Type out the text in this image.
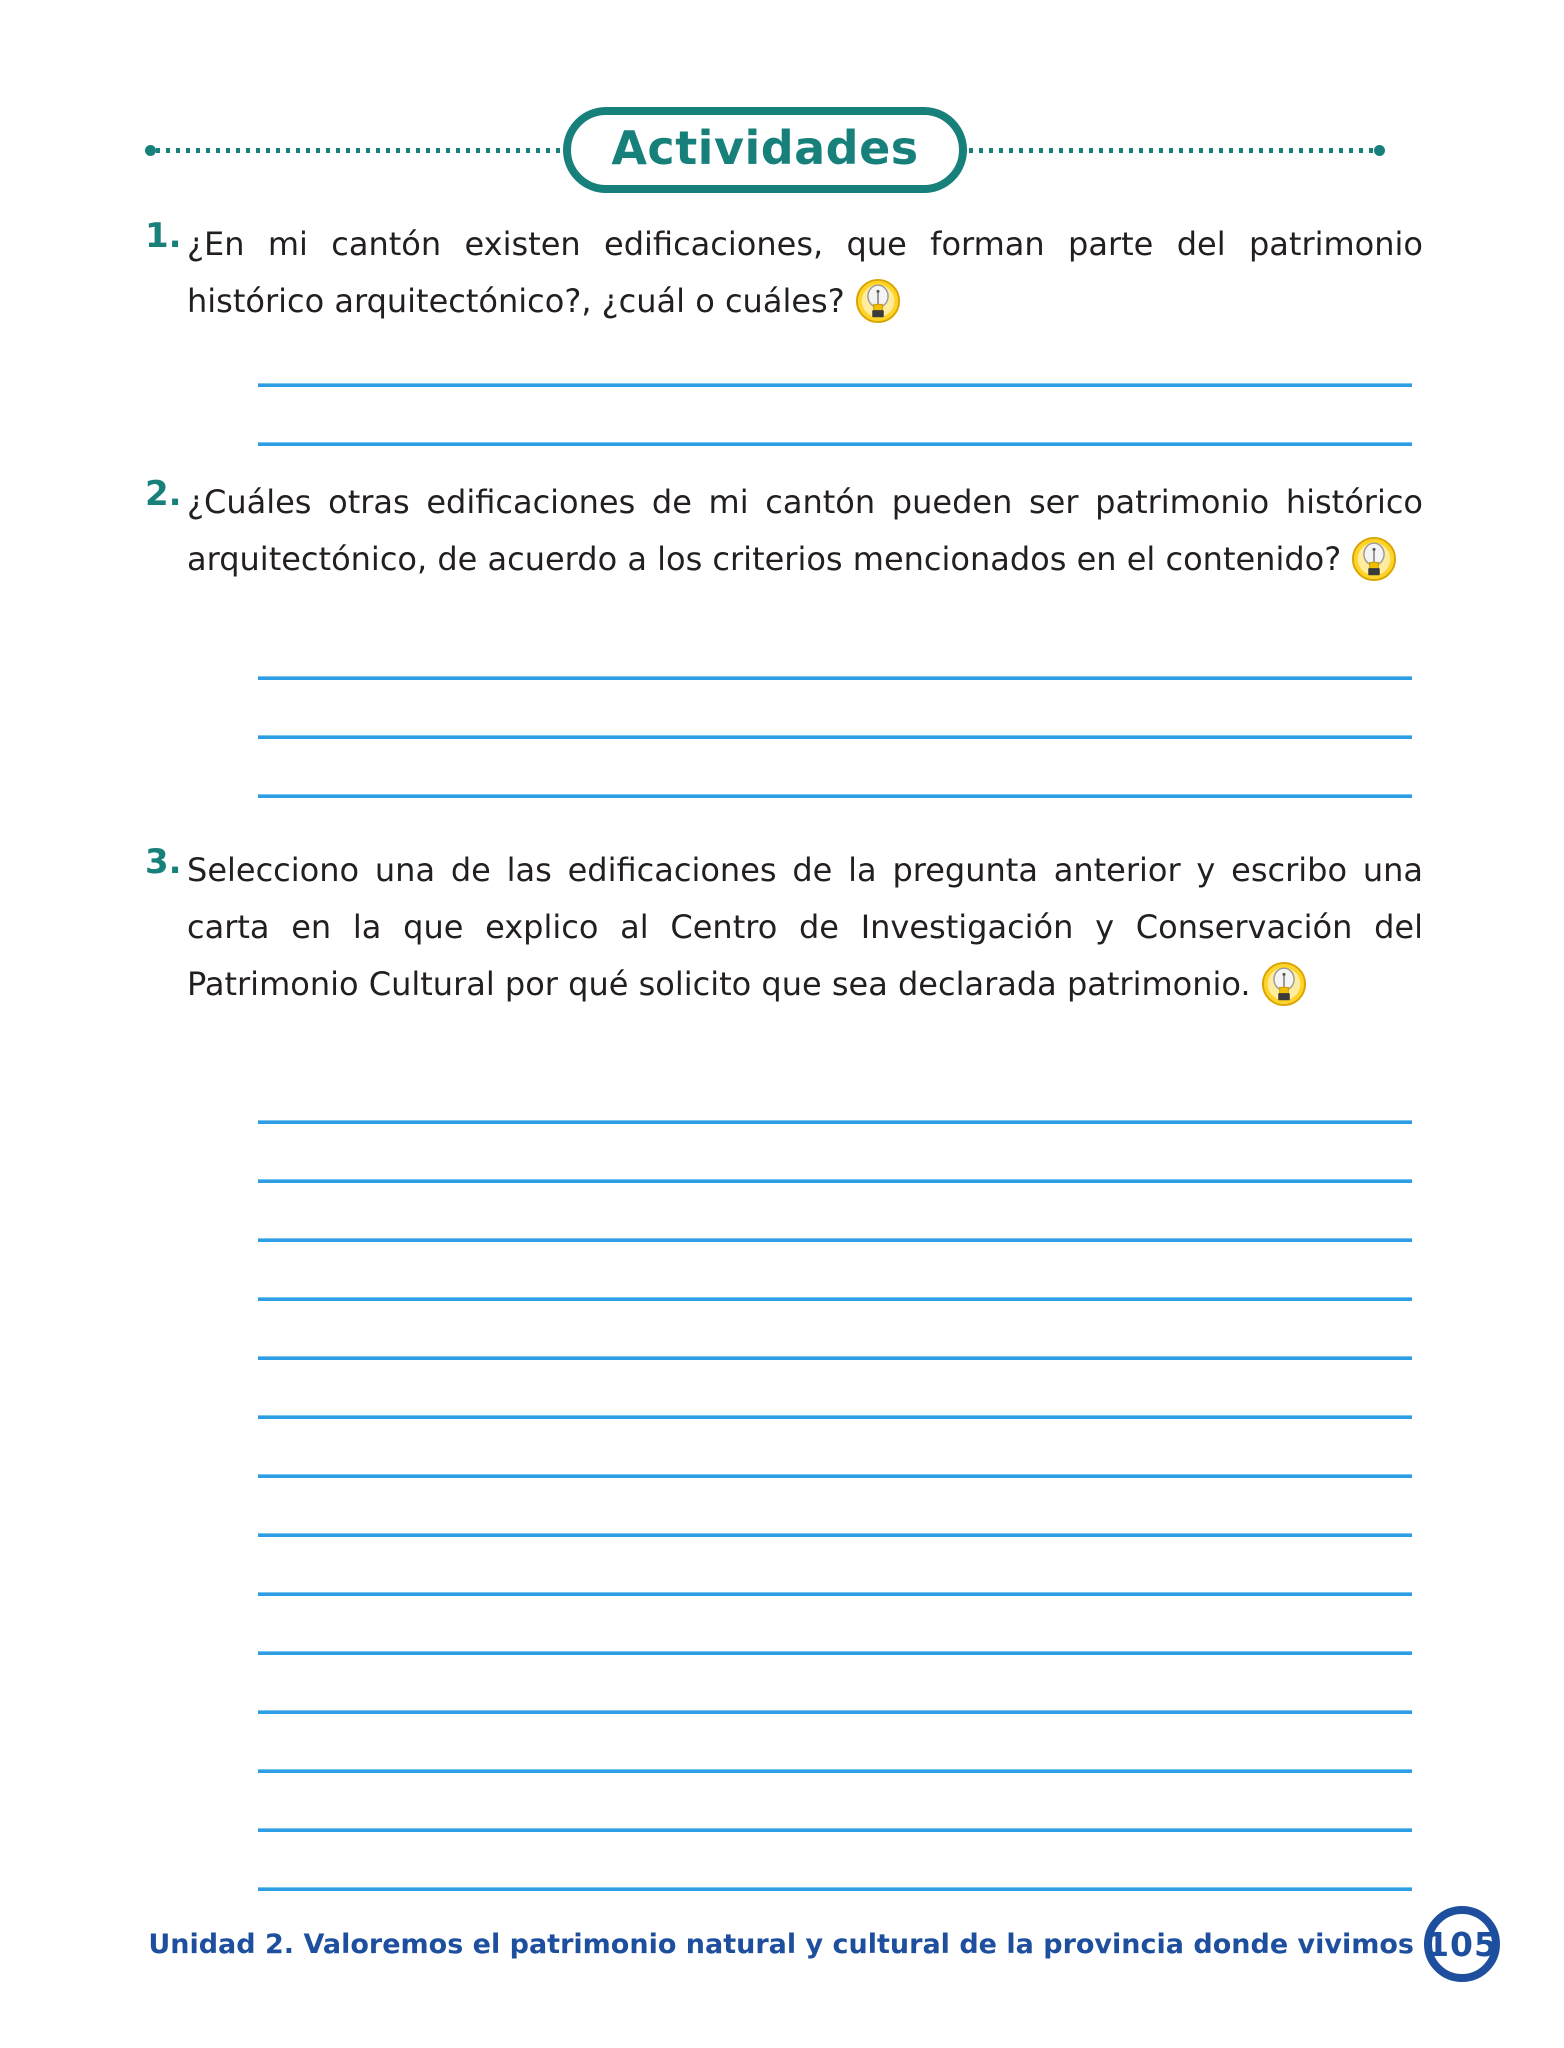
Actividades
1. ¿En mi cantón existen edificaciones, que forman parte del patrimonio histórico arquitectónico?, ¿cuál o cuáles?
2. ¿Cuáles otras edificaciones de mi cantón pueden ser patrimonio histórico arquitectónico, de acuerdo a los criterios mencionados en el contenido?
3. Selecciono una de las edificaciones de la pregunta anterior y escribo una carta en la que explico al Centro de Investigación y Conservación del Patrimonio Cultural por qué solicito que sea declarada patrimonio.
Unidad 2. Valoremos el patrimonio natural y cultural de la provincia donde vivimos 105
